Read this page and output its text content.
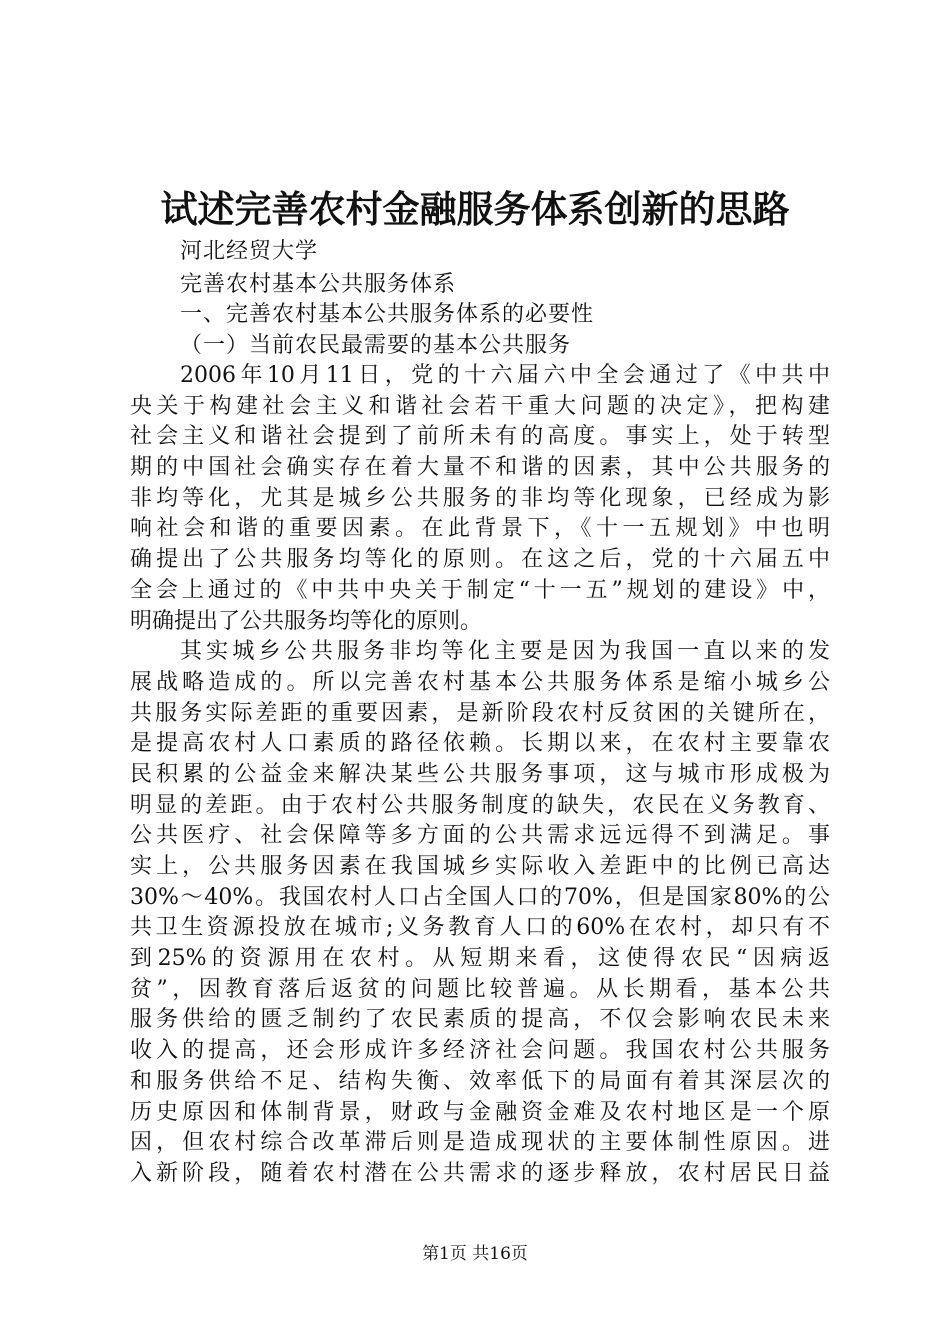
试述完善农村金融服务体系创新的思路
河北经贸大学
完善农村基本公共服务体系
一、完善农村基本公共服务体系的必要性
（一）当前农民最需要的基本公共服务
2006年10月11日，党的十六届六中全会通过了《中共中
央关于构建社会主义和谐社会若干重大问题的决定》，把构建
社会主义和谐社会提到了前所未有的高度。事实上，处于转型
期的中国社会确实存在着大量不和谐的因素，其中公共服务的
非均等化，尤其是城乡公共服务的非均等化现象，已经成为影
响社会和谐的重要因素。在此背景下，《十一五规划》中也明
确提出了公共服务均等化的原则。在这之后，党的十六届五中
全会上通过的《中共中央关于制定“十一五”规划的建设》中，
明确提出了公共服务均等化的原则。
其实城乡公共服务非均等化主要是因为我国一直以来的发
展战略造成的。所以完善农村基本公共服务体系是缩小城乡公
共服务实际差距的重要因素，是新阶段农村反贫困的关键所在，
是提高农村人口素质的路径依赖。长期以来，在农村主要靠农
民积累的公益金来解决某些公共服务事项，这与城市形成极为
明显的差距。由于农村公共服务制度的缺失，农民在义务教育、
公共医疗、社会保障等多方面的公共需求远远得不到满足。事
实上，公共服务因素在我国城乡实际收入差距中的比例已高达
30%～40%。我国农村人口占全国人口的70%，但是国家80%的公
共卫生资源投放在城市;义务教育人口的60%在农村，却只有不
到25%的资源用在农村。从短期来看，这使得农民“因病返
贫”，因教育落后返贫的问题比较普遍。从长期看，基本公共
服务供给的匮乏制约了农民素质的提高，不仅会影响农民未来
收入的提高，还会形成许多经济社会问题。我国农村公共服务
和服务供给不足、结构失衡、效率低下的局面有着其深层次的
历史原因和体制背景，财政与金融资金难及农村地区是一个原
因，但农村综合改革滞后则是造成现状的主要体制性原因。进
入新阶段，随着农村潜在公共需求的逐步释放，农村居民日益
第1页 共16页
